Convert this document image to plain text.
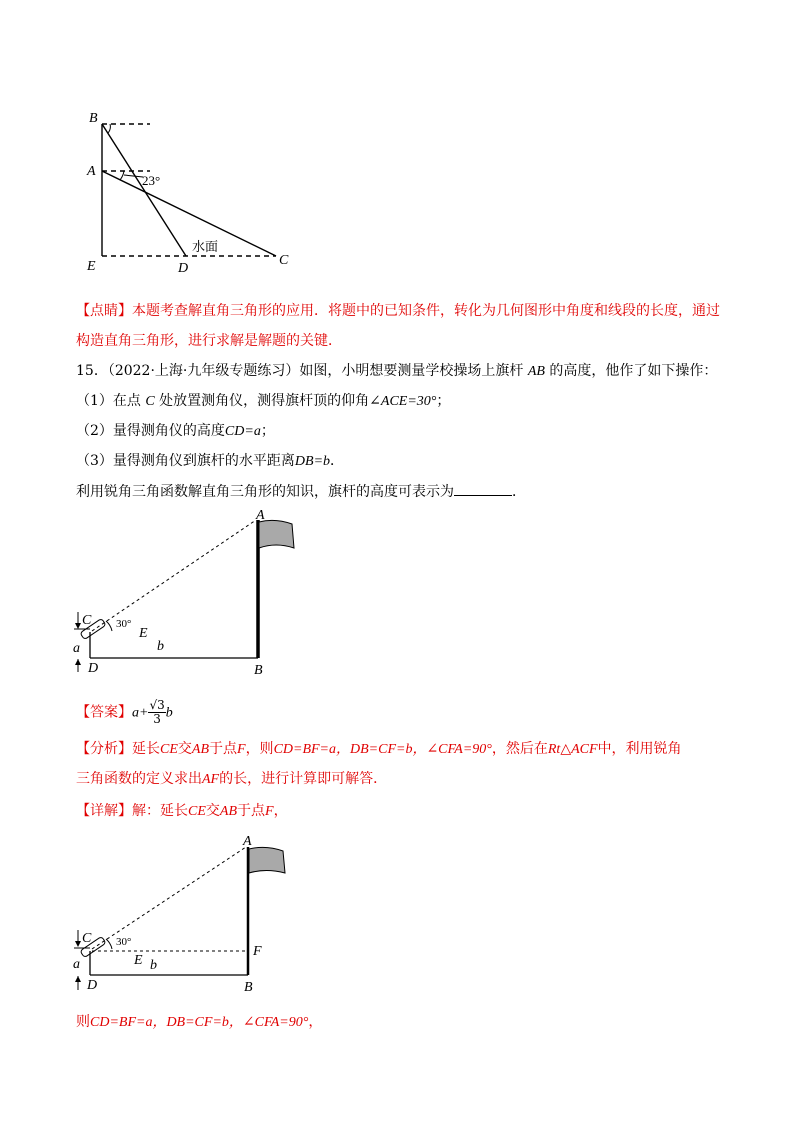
B
A
E	D
C
23°
水面
【点睛】本题考查解直角三角形的应用．将题中的已知条件，转化为几何图形中角度和线段的长度，通过
构造直角三角形，进行求解是解题的关键．
15．（2022·上海·九年级专题练习）如图，小明想要测量学校操场上旗杆 AB 的高度，他作了如下操作：
（1）在点 C 处放置测角仪，测得旗杆顶的仰角∠ACE=30°；
（2）量得测角仪的高度CD=a；
（3）量得测角仪到旗杆的水平距离DB=b．
利用锐角三角函数解直角三角形的知识，旗杆的高度可表示为	．
A
C 30°
E
b
a
D	B
【答案】$a+ \frac{√3}{3}$ b
【分析】延长CE交AB于点F，则CD=BF=a，DB=CF=b，∠CFA=90°，然后在Rt△ACF中，利用锐角
三角函数的定义求出AF的长，进行计算即可解答．
【详解】解：延长CE交AB于点F，
A
C 30°
F
E b
a
D	B
则CD=BF=a，DB=CF=b，∠CFA=90°，
